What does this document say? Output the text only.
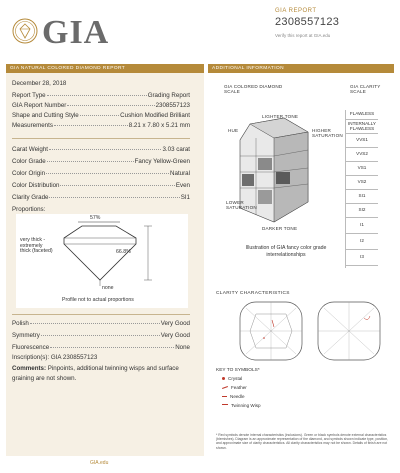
GIA
GIA REPORT
2308557123
Verify this report at GIA.edu
GIA NATURAL COLORED DIAMOND REPORT	ADDITIONAL INFORMATION
December 28, 2018
Report Type	Grading Report
GIA Report Number	2308557123
Shape and Cutting Style	Cushion Modified Brilliant
Measurements	8.21 x 7.80 x 5.21 mm
Carat Weight	3.03 carat
Color Grade	Fancy Yellow-Green
Color Origin	Natural
Color Distribution	Even
Clarity Grade	SI1
Proportions:
57%
66.8%
very thick - extremely thick (faceted)
none
Profile not to actual proportions
Polish	Very Good
Symmetry	Very Good
Fluorescence	None
Inscription(s): GIA 2308557123
Comments: Pinpoints, additional twinning wisps and surface graining are not shown.
GIA.edu
GIA COLORED DIAMOND SCALE
GIA CLARITY SCALE
LIGHTER TONE
HIGHER SATURATION
HUE
LOWER SATURATION
DARKER TONE
Illustration of GIA fancy color grade interrelationships
FLAWLESS
INTERNALLY FLAWLESS
VVS1
VVS2
VS1
VS2
SI1
SI2
I1
I2
I3
CLARITY CHARACTERISTICS
KEY TO SYMBOLS*
Crystal
Feather
Needle
Twinning Wisp
* Red symbols denote internal characteristics (inclusions). Green or black symbols denote external characteristics (blemishes). Diagram is an approximate representation of the diamond, and symbols shown indicate type, position, and approximate size of clarity characteristics. All clarity characteristics may not be shown. Details of finish are not shown.
